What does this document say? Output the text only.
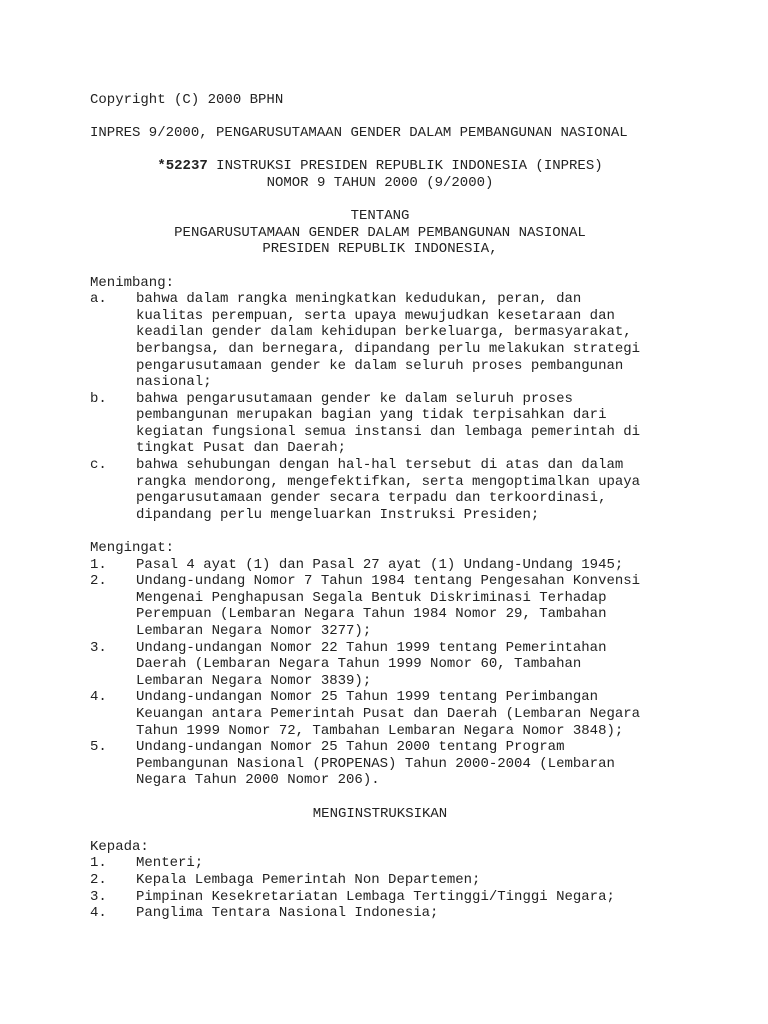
Copyright (C) 2000 BPHN
INPRES 9/2000, PENGARUSUTAMAAN GENDER DALAM PEMBANGUNAN NASIONAL
*52237 INSTRUKSI PRESIDEN REPUBLIK INDONESIA (INPRES)
NOMOR 9 TAHUN 2000 (9/2000)
TENTANG
PENGARUSUTAMAAN GENDER DALAM PEMBANGUNAN NASIONAL
PRESIDEN REPUBLIK INDONESIA,
Menimbang:
a.	bahwa dalam rangka meningkatkan kedudukan, peran, dan
kualitas perempuan, serta upaya mewujudkan kesetaraan dan
keadilan gender dalam kehidupan berkeluarga, bermasyarakat,
berbangsa, dan bernegara, dipandang perlu melakukan strategi
pengarusutamaan gender ke dalam seluruh proses pembangunan
nasional;
b.	bahwa pengarusutamaan gender ke dalam seluruh proses
pembangunan merupakan bagian yang tidak terpisahkan dari
kegiatan fungsional semua instansi dan lembaga pemerintah di
tingkat Pusat dan Daerah;
c.	bahwa sehubungan dengan hal-hal tersebut di atas dan dalam
rangka mendorong, mengefektifkan, serta mengoptimalkan upaya
pengarusutamaan gender secara terpadu dan terkoordinasi,
dipandang perlu mengeluarkan Instruksi Presiden;
Mengingat:
1.	Pasal 4 ayat (1) dan Pasal 27 ayat (1) Undang-Undang 1945;
2.	Undang-undang Nomor 7 Tahun 1984 tentang Pengesahan Konvensi
Mengenai Penghapusan Segala Bentuk Diskriminasi Terhadap
Perempuan (Lembaran Negara Tahun 1984 Nomor 29, Tambahan
Lembaran Negara Nomor 3277);
3.	Undang-undangan Nomor 22 Tahun 1999 tentang Pemerintahan
Daerah (Lembaran Negara Tahun 1999 Nomor 60, Tambahan
Lembaran Negara Nomor 3839);
4.	Undang-undangan Nomor 25 Tahun 1999 tentang Perimbangan
Keuangan antara Pemerintah Pusat dan Daerah (Lembaran Negara
Tahun 1999 Nomor 72, Tambahan Lembaran Negara Nomor 3848);
5.	Undang-undangan Nomor 25 Tahun 2000 tentang Program
Pembangunan Nasional (PROPENAS) Tahun 2000-2004 (Lembaran
Negara Tahun 2000 Nomor 206).
MENGINSTRUKSIKAN
Kepada:
1.	Menteri;
2.	Kepala Lembaga Pemerintah Non Departemen;
3.	Pimpinan Kesekretariatan Lembaga Tertinggi/Tinggi Negara;
4.	Panglima Tentara Nasional Indonesia;
